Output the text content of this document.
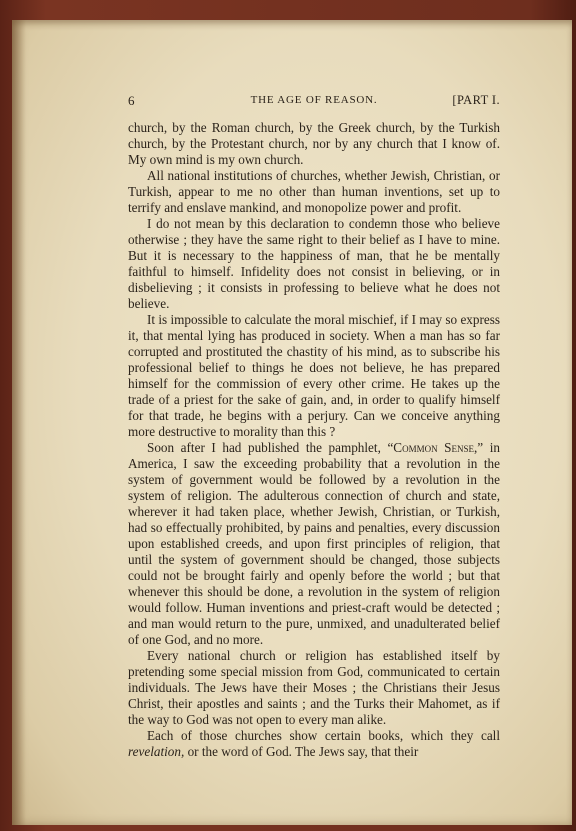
6	THE AGE OF REASON.	[PART I.

church, by the Roman church, by the Greek church, by the Turkish church, by the Protestant church, nor by any church that I know of. My own mind is my own church.

All national institutions of churches, whether Jewish, Christian, or Turkish, appear to me no other than human inventions, set up to terrify and enslave mankind, and monopolize power and profit.

I do not mean by this declaration to condemn those who believe otherwise ; they have the same right to their belief as I have to mine. But it is necessary to the happiness of man, that he be mentally faithful to himself. Infidelity does not consist in believing, or in disbelieving ; it consists in professing to believe what he does not believe.

It is impossible to calculate the moral mischief, if I may so express it, that mental lying has produced in society. When a man has so far corrupted and prostituted the chastity of his mind, as to subscribe his professional belief to things he does not believe, he has prepared himself for the commission of every other crime. He takes up the trade of a priest for the sake of gain, and, in order to qualify himself for that trade, he begins with a perjury. Can we conceive anything more destructive to morality than this ?

Soon after I had published the pamphlet, “Common Sense,” in America, I saw the exceeding probability that a revolution in the system of government would be followed by a revolution in the system of religion. The adulterous connection of church and state, wherever it had taken place, whether Jewish, Christian, or Turkish, had so effectually prohibited, by pains and penalties, every discussion upon established creeds, and upon first principles of religion, that until the system of government should be changed, those subjects could not be brought fairly and openly before the world ; but that whenever this should be done, a revolution in the system of religion would follow. Human inventions and priest-craft would be detected ; and man would return to the pure, unmixed, and unadulterated belief of one God, and no more.

Every national church or religion has established itself by pretending some special mission from God, communicated to certain individuals. The Jews have their Moses ; the Christians their Jesus Christ, their apostles and saints ; and the Turks their Mahomet, as if the way to God was not open to every man alike.

Each of those churches show certain books, which they call revelation, or the word of God. The Jews say, that their
